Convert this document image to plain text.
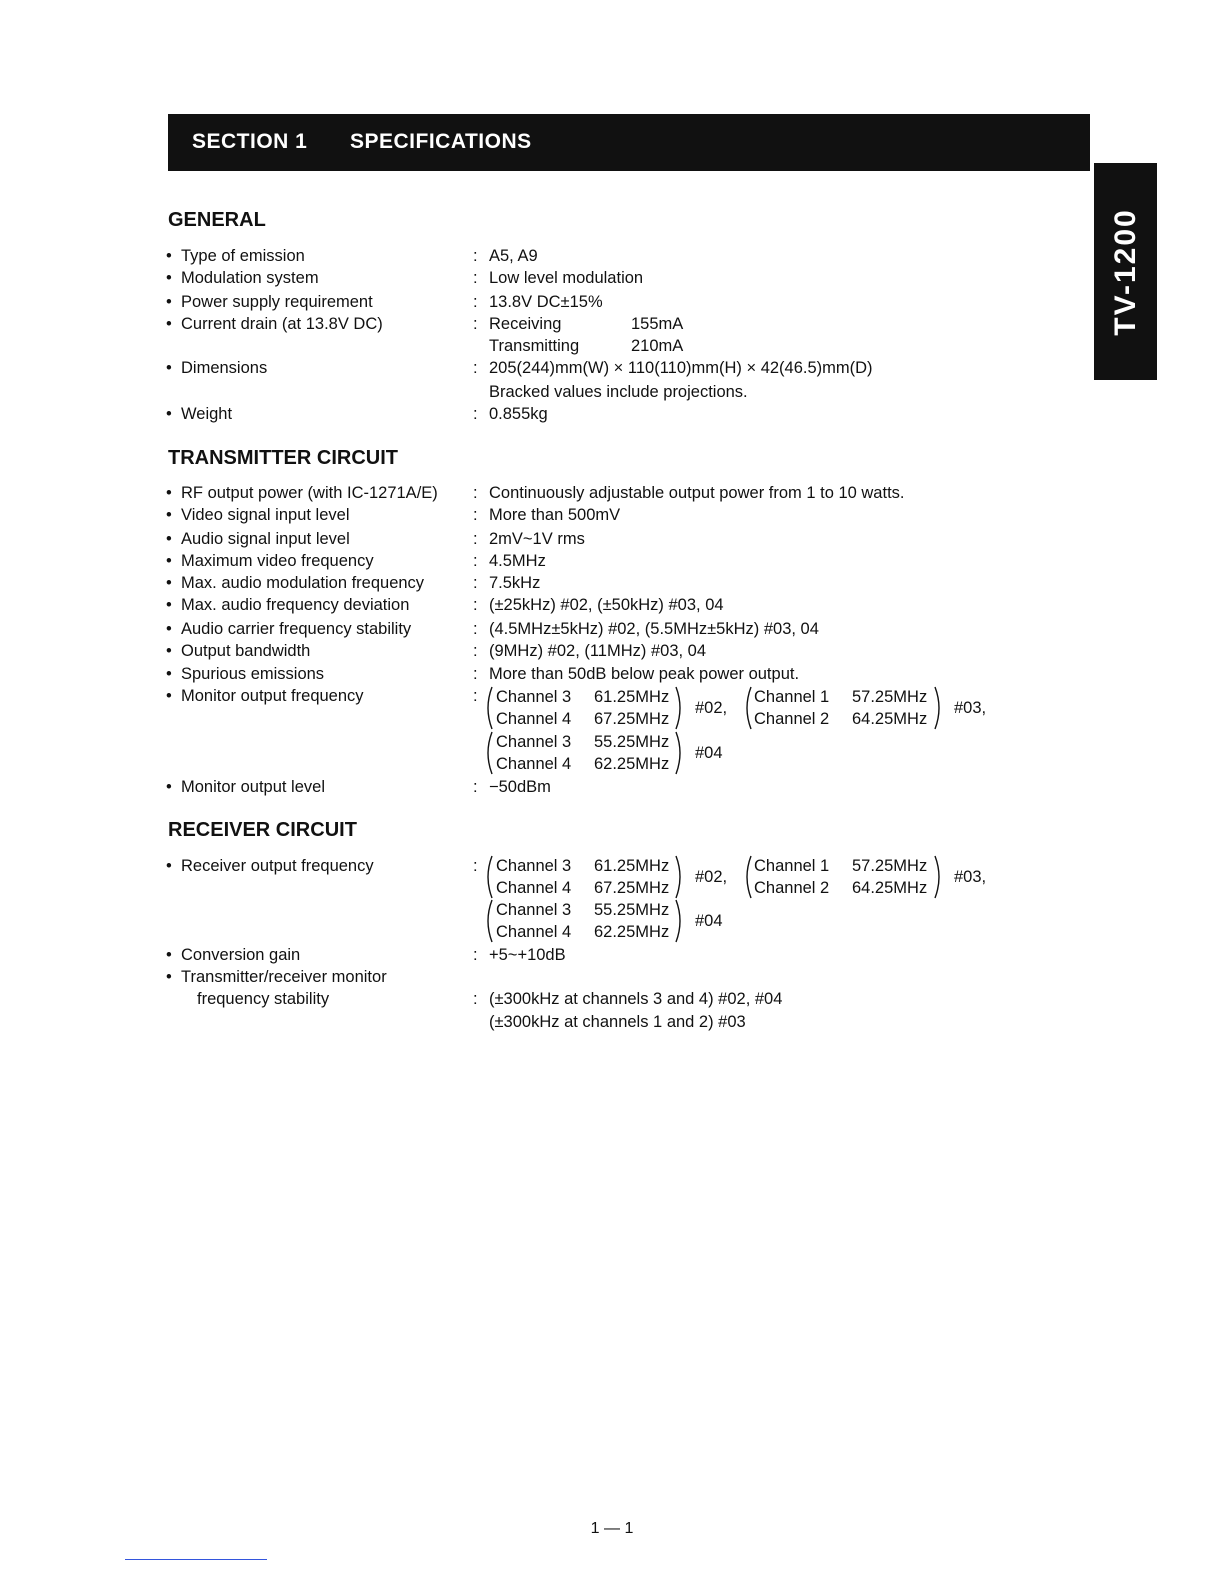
SECTION 1 SPECIFICATIONS
TV-1200
GENERAL
• Type of emission	: A5, A9
• Modulation system	: Low level modulation
• Power supply requirement	: 13.8V DC±15%
• Current drain (at 13.8V DC)	: Receiving	155mA
Transmitting	210mA
• Dimensions	: 205(244)mm(W) × 110(110)mm(H) × 42(46.5)mm(D)
Bracked values include projections.
• Weight	: 0.855kg
TRANSMITTER CIRCUIT
• RF output power (with IC-1271A/E) : Continuously adjustable output power from 1 to 10 watts.
• Video signal input level	: More than 500mV
• Audio signal input level	: 2mV~1V rms
• Maximum video frequency	: 4.5MHz
• Max. audio modulation frequency	: 7.5kHz
• Max. audio frequency deviation	: (±25kHz) #02, (±50kHz) #03, 04
• Audio carrier frequency stability	: (4.5MHz±5kHz) #02, (5.5MHz±5kHz) #03, 04
• Output bandwidth	: (9MHz) #02, (11MHz) #03, 04
• Spurious emissions	: More than 50dB below peak power output.
• Monitor output frequency	: Channel 3 61.25MHz
Channel 4 67.25MHz
#02,
Channel 1 57.25MHz
Channel 2 64.25MHz
#03,
Channel 3 55.25MHz
Channel 4 62.25MHz
#04
• Monitor output level	: −50dBm
RECEIVER CIRCUIT
• Receiver output frequency	: Channel 3 61.25MHz
Channel 4 67.25MHz
#02,
Channel 1 57.25MHz
Channel 2 64.25MHz
#03,
Channel 3 55.25MHz
Channel 4 62.25MHz
#04
• Conversion gain	: +5~+10dB
• Transmitter/receiver monitor
frequency stability	: (±300kHz at channels 3 and 4) #02, #04
(±300kHz at channels 1 and 2) #03
1 — 1
